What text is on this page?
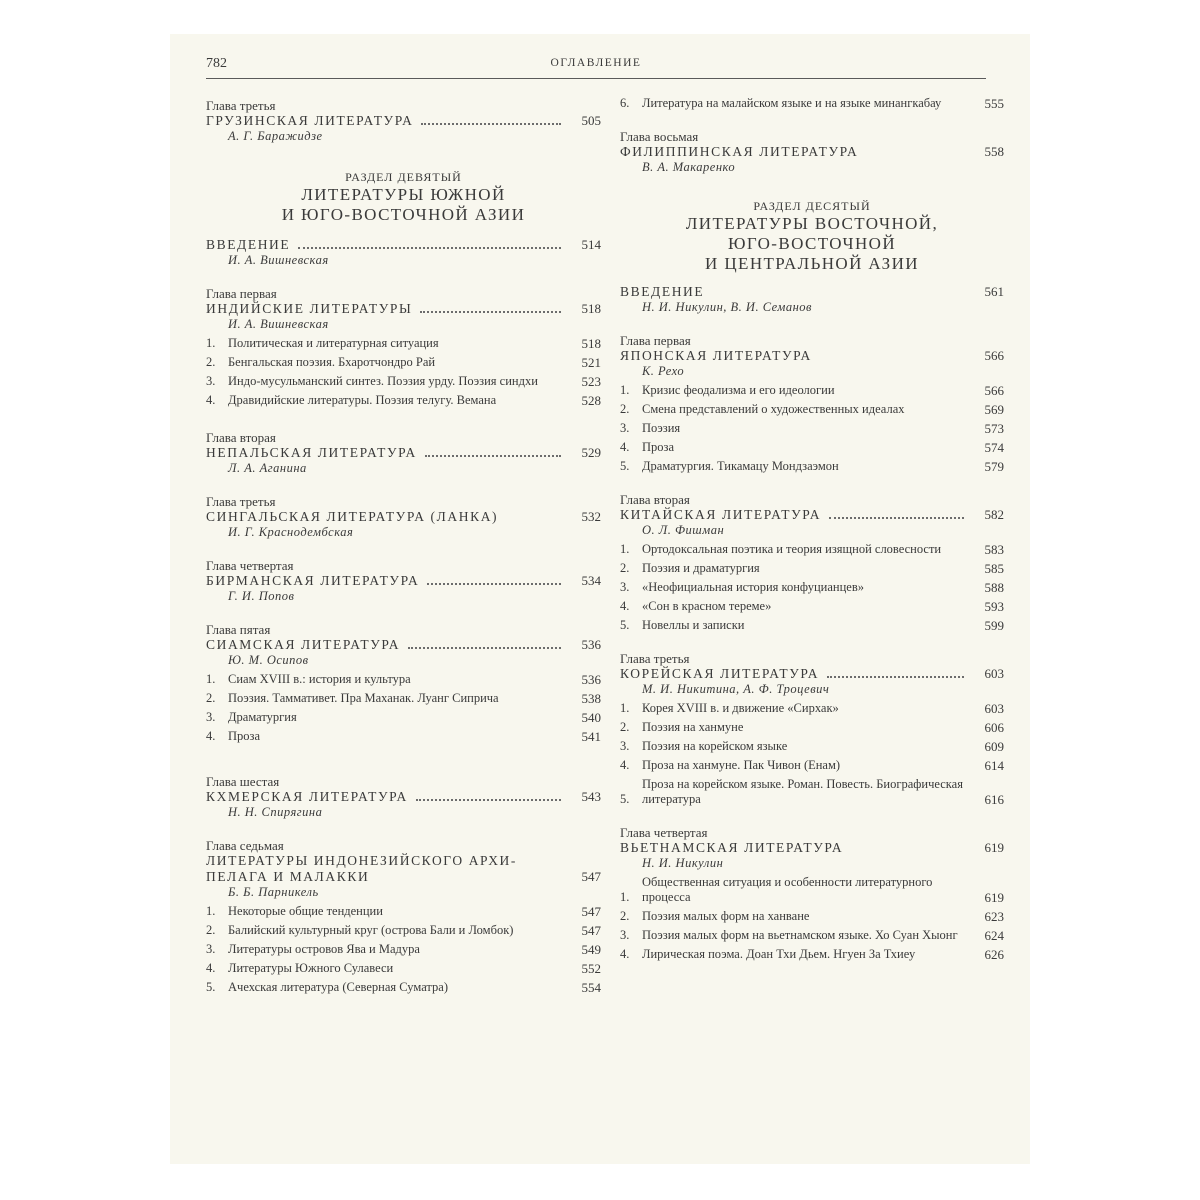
782	ОГЛАВЛЕНИЕ
Глава третья
ГРУЗИНСКАЯ ЛИТЕРАТУРА	505
А. Г. Баражидзе
РАЗДЕЛ ДЕВЯТЫЙ
ЛИТЕРАТУРЫ ЮЖНОЙ
И ЮГО-ВОСТОЧНОЙ АЗИИ
ВВЕДЕНИЕ	514
И. А. Вишневская
Глава первая
ИНДИЙСКИЕ ЛИТЕРАТУРЫ	518
И. А. Вишневская
1.	Политическая и литературная ситуация	518
2.	Бенгальская поэзия. Бхаротчондро Рай	521
3.	Индо-мусульманский синтез. Поэзия урду. Поэзия синдхи	523
4.	Дравидийские литературы. Поэзия телугу. Вемана	528
Глава вторая
НЕПАЛЬСКАЯ ЛИТЕРАТУРА	529
Л. А. Аганина
Глава третья
СИНГАЛЬСКАЯ ЛИТЕРАТУРА (ЛАНКА)	532
И. Г. Краснодембская
Глава четвертая
БИРМАНСКАЯ ЛИТЕРАТУРА	534
Г. И. Попов
Глава пятая
СИАМСКАЯ ЛИТЕРАТУРА	536
Ю. М. Осипов
1.	Сиам XVIII в.: история и культура	536
2.	Поэзия. Таммативет. Пра Маханак. Луанг Сиприча	538
3.	Драматургия	540
4.	Проза	541
Глава шестая
КХМЕРСКАЯ ЛИТЕРАТУРА	543
Н. Н. Спирягина
Глава седьмая
ЛИТЕРАТУРЫ ИНДОНЕЗИЙСКОГО АРХИ-
ПЕЛАГА И МАЛАККИ	547
Б. Б. Парникель
1.	Некоторые общие тенденции	547
2.	Балийский культурный круг (острова Бали и Ломбок)	547
3.	Литературы островов Ява и Мадура	549
4.	Литературы Южного Сулавеси	552
5.	Ачехская литература (Северная Суматра)	554
6.	Литература на малайском языке и на языке минангкабау	555
Глава восьмая
ФИЛИППИНСКАЯ ЛИТЕРАТУРА	558
В. А. Макаренко
РАЗДЕЛ ДЕСЯТЫЙ
ЛИТЕРАТУРЫ ВОСТОЧНОЙ,
ЮГО-ВОСТОЧНОЙ
И ЦЕНТРАЛЬНОЙ АЗИИ
ВВЕДЕНИЕ	561
Н. И. Никулин, В. И. Семанов
Глава первая
ЯПОНСКАЯ ЛИТЕРАТУРА	566
К. Рехо
1.	Кризис феодализма и его идеологии	566
2.	Смена представлений о художественных идеалах	569
3.	Поэзия	573
4.	Проза	574
5.	Драматургия. Тикамацу Мондзаэмон	579
Глава вторая
КИТАЙСКАЯ ЛИТЕРАТУРА	582
О. Л. Фишман
1.	Ортодоксальная поэтика и теория изящной словесности	583
2.	Поэзия и драматургия	585
3.	«Неофициальная история конфуцианцев»	588
4.	«Сон в красном тереме»	593
5.	Новеллы и записки	599
Глава третья
КОРЕЙСКАЯ ЛИТЕРАТУРА	603
М. И. Никитина, А. Ф. Троцевич
1.	Корея XVIII в. и движение «Сирхак»	603
2.	Поэзия на ханмуне	606
3.	Поэзия на корейском языке	609
4.	Проза на ханмуне. Пак Чивон (Енам)	614
5.
Проза на корейском языке. Роман. Повесть. Биографическая литература	616
Глава четвертая
ВЬЕТНАМСКАЯ ЛИТЕРАТУРА	619
Н. И. Никулин
1.
Общественная ситуация и особенности литературного процесса	619
2.	Поэзия малых форм на ханване	623
3.	Поэзия малых форм на вьетнамском языке. Хо Суан Хыонг	624
4.	Лирическая поэма. Доан Тхи Дьем. Нгуен За Тхиеу	626
